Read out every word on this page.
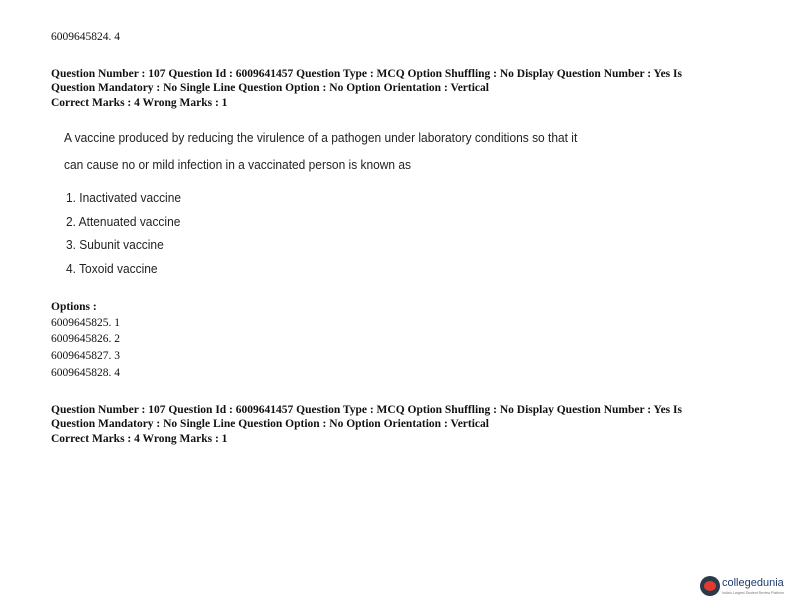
6009645824. 4
Question Number : 107 Question Id : 6009641457 Question Type : MCQ Option Shuffling : No Display Question Number : Yes Is
Question Mandatory : No Single Line Question Option : No Option Orientation : Vertical
Correct Marks : 4 Wrong Marks : 1
A vaccine produced by reducing the virulence of a pathogen under laboratory conditions so that it
can cause no or mild infection in a vaccinated person is known as
1. Inactivated vaccine
2. Attenuated vaccine
3. Subunit vaccine
4. Toxoid vaccine
Options :
6009645825. 1
6009645826. 2
6009645827. 3
6009645828. 4
Question Number : 107 Question Id : 6009641457 Question Type : MCQ Option Shuffling : No Display Question Number : Yes Is
Question Mandatory : No Single Line Question Option : No Option Orientation : Vertical
Correct Marks : 4 Wrong Marks : 1
collegedunia
India's Largest Student Review Platform
